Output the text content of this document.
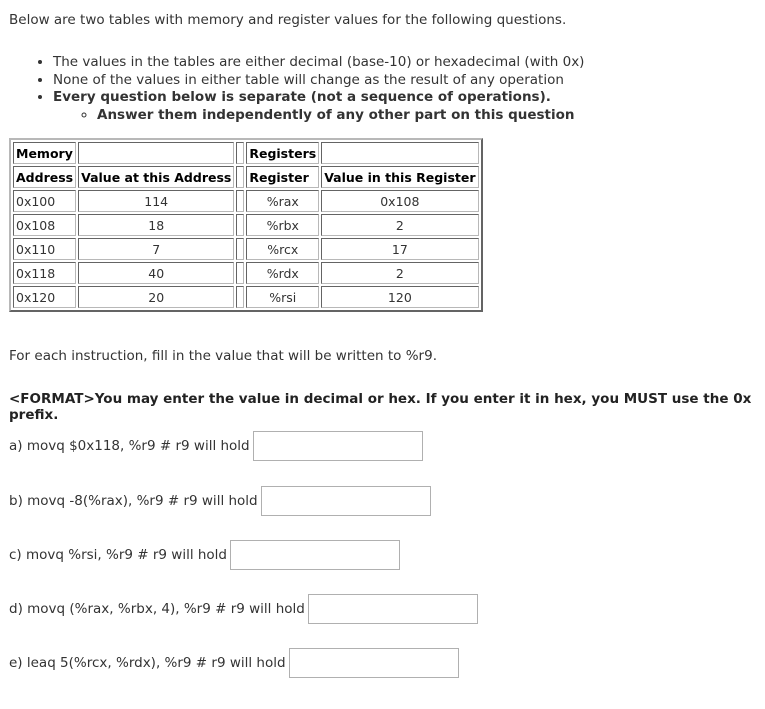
Below are two tables with memory and register values for the following questions.

• The values in the tables are either decimal (base-10) or hexadecimal (with 0x)
• None of the values in either table will change as the result of any operation
• Every question below is separate (not a sequence of operations).
◦ Answer them independently of any other part on this question
Memory			Registers	
Address	Value at this Address		Register	Value in this Register
0x100	114		%rax	0x108
0x108	18		%rbx	2
0x110	7		%rcx	17
0x118	40		%rdx	2
0x120	20		%rsi	120

For each instruction, fill in the value that will be written to %r9.

<FORMAT>You may enter the value in decimal or hex. If you enter it in hex, you MUST use the 0x prefix.

a) movq $0x118, %r9 # r9 will hold
b) movq -8(%rax), %r9 # r9 will hold
c) movq %rsi, %r9 # r9 will hold
d) movq (%rax, %rbx, 4), %r9 # r9 will hold
e) leaq 5(%rcx, %rdx), %r9 # r9 will hold
